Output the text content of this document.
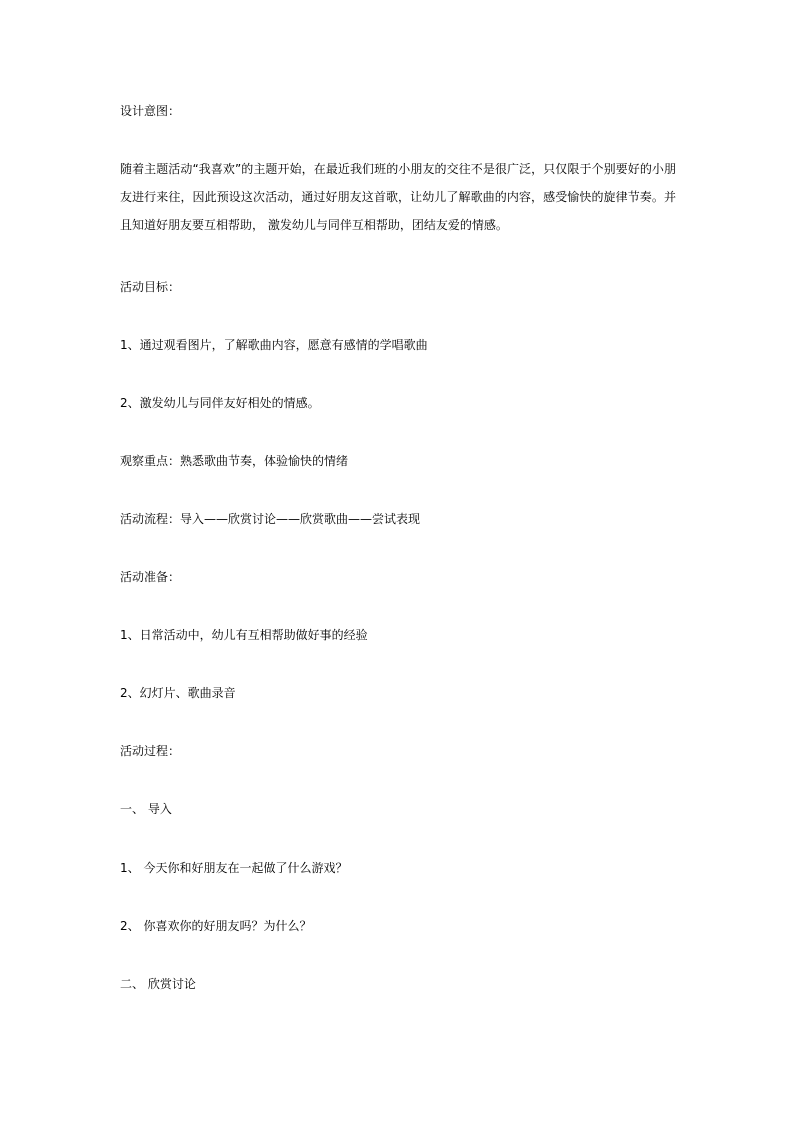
设计意图：

随着主题活动“我喜欢”的主题开始，在最近我们班的小朋友的交往不是很广泛，只仅限于个别要好的小朋友进行来往，因此预设这次活动，通过好朋友这首歌，让幼儿了解歌曲的内容，感受愉快的旋律节奏。并且知道好朋友要互相帮助， 激发幼儿与同伴互相帮助，团结友爱的情感。

活动目标：

1、通过观看图片，了解歌曲内容，愿意有感情的学唱歌曲

2、激发幼儿与同伴友好相处的情感。

观察重点：熟悉歌曲节奏，体验愉快的情绪

活动流程：导入——欣赏讨论——欣赏歌曲——尝试表现

活动准备：

1、日常活动中，幼儿有互相帮助做好事的经验

2、幻灯片、歌曲录音

活动过程：

一、 导入

1、 今天你和好朋友在一起做了什么游戏？

2、 你喜欢你的好朋友吗？为什么？

二、 欣赏讨论
